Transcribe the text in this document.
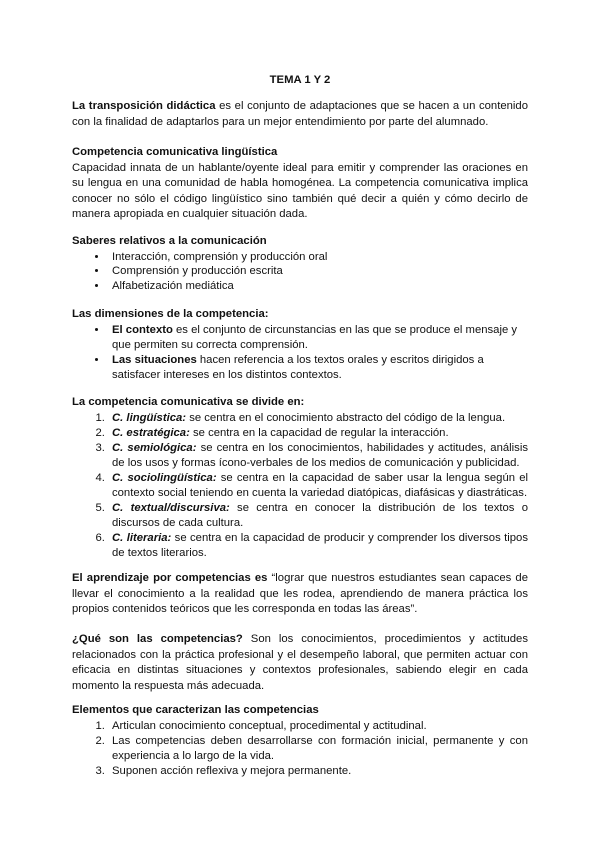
TEMA 1 Y 2

La transposición didáctica es el conjunto de adaptaciones que se hacen a un contenido con la finalidad de adaptarlos para un mejor entendimiento por parte del alumnado.

Competencia comunicativa lingüística

Capacidad innata de un hablante/oyente ideal para emitir y comprender las oraciones en su lengua en una comunidad de habla homogénea. La competencia comunicativa implica conocer no sólo el código lingüístico sino también qué decir a quién y cómo decirlo de manera apropiada en cualquier situación dada.

Saberes relativos a la comunicación
• Interacción, comprensión y producción oral
• Comprensión y producción escrita
• Alfabetización mediática
Las dimensiones de la competencia:
• El contexto es el conjunto de circunstancias en las que se produce el mensaje y que permiten su correcta comprensión.
• Las situaciones hacen referencia a los textos orales y escritos dirigidos a satisfacer intereses en los distintos contextos.
La competencia comunicativa se divide en:
1. C. lingüística: se centra en el conocimiento abstracto del código de la lengua.
2. C. estratégica: se centra en la capacidad de regular la interacción.
3. C. semiológica: se centra en los conocimientos, habilidades y actitudes, análisis de los usos y formas ícono-verbales de los medios de comunicación y publicidad.
4. C. sociolingüística: se centra en la capacidad de saber usar la lengua según el contexto social teniendo en cuenta la variedad diatópicas, diafásicas y diastráticas.
5. C. textual/discursiva: se centra en conocer la distribución de los textos o discursos de cada cultura.
6. C. literaria: se centra en la capacidad de producir y comprender los diversos tipos de textos literarios.

El aprendizaje por competencias es “lograr que nuestros estudiantes sean capaces de llevar el conocimiento a la realidad que les rodea, aprendiendo de manera práctica los propios contenidos teóricos que les corresponda en todas las áreas”.

¿Qué son las competencias? Son los conocimientos, procedimientos y actitudes relacionados con la práctica profesional y el desempeño laboral, que permiten actuar con eficacia en distintas situaciones y contextos profesionales, sabiendo elegir en cada momento la respuesta más adecuada.

Elementos que caracterizan las competencias
1. Articulan conocimiento conceptual, procedimental y actitudinal.
2. Las competencias deben desarrollarse con formación inicial, permanente y con experiencia a lo largo de la vida.
3. Suponen acción reflexiva y mejora permanente.
